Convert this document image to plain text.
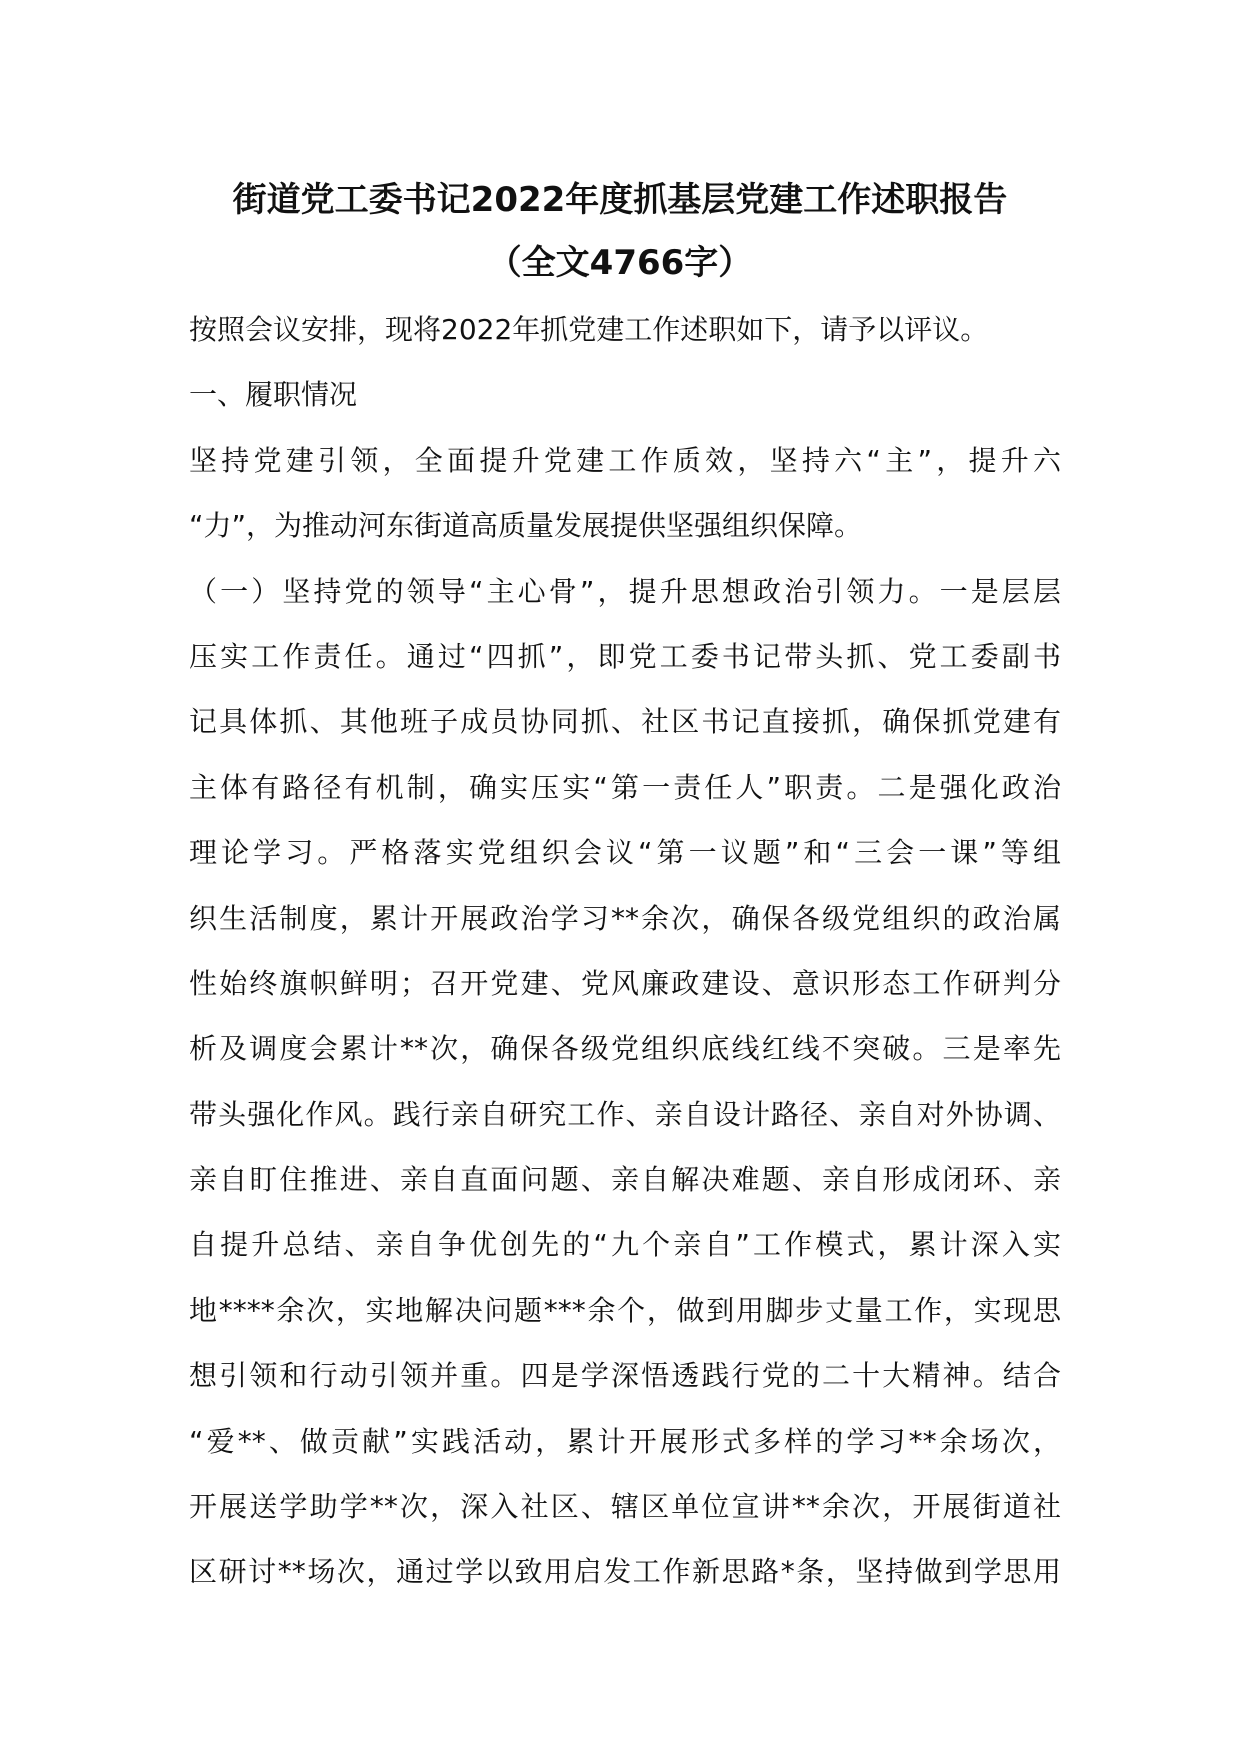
街道党工委书记2022年度抓基层党建工作述职报告
（全文4766字）
按照会议安排，现将2022年抓党建工作述职如下，请予以评议。
一、履职情况
坚持党建引领，全面提升党建工作质效，坚持六“主”，提升六
“力”，为推动河东街道高质量发展提供坚强组织保障。
（一）坚持党的领导“主心骨”，提升思想政治引领力。一是层层
压实工作责任。通过“四抓”，即党工委书记带头抓、党工委副书
记具体抓、其他班子成员协同抓、社区书记直接抓，确保抓党建有
主体有路径有机制，确实压实“第一责任人”职责。二是强化政治
理论学习。严格落实党组织会议“第一议题”和“三会一课”等组
织生活制度，累计开展政治学习**余次，确保各级党组织的政治属
性始终旗帜鲜明；召开党建、党风廉政建设、意识形态工作研判分
析及调度会累计**次，确保各级党组织底线红线不突破。三是率先
带头强化作风。践行亲自研究工作、亲自设计路径、亲自对外协调、
亲自盯住推进、亲自直面问题、亲自解决难题、亲自形成闭环、亲
自提升总结、亲自争优创先的“九个亲自”工作模式，累计深入实
地****余次，实地解决问题***余个，做到用脚步丈量工作，实现思
想引领和行动引领并重。四是学深悟透践行党的二十大精神。结合
“爱**、做贡献”实践活动，累计开展形式多样的学习**余场次，
开展送学助学**次，深入社区、辖区单位宣讲**余次，开展街道社
区研讨**场次，通过学以致用启发工作新思路*条，坚持做到学思用
